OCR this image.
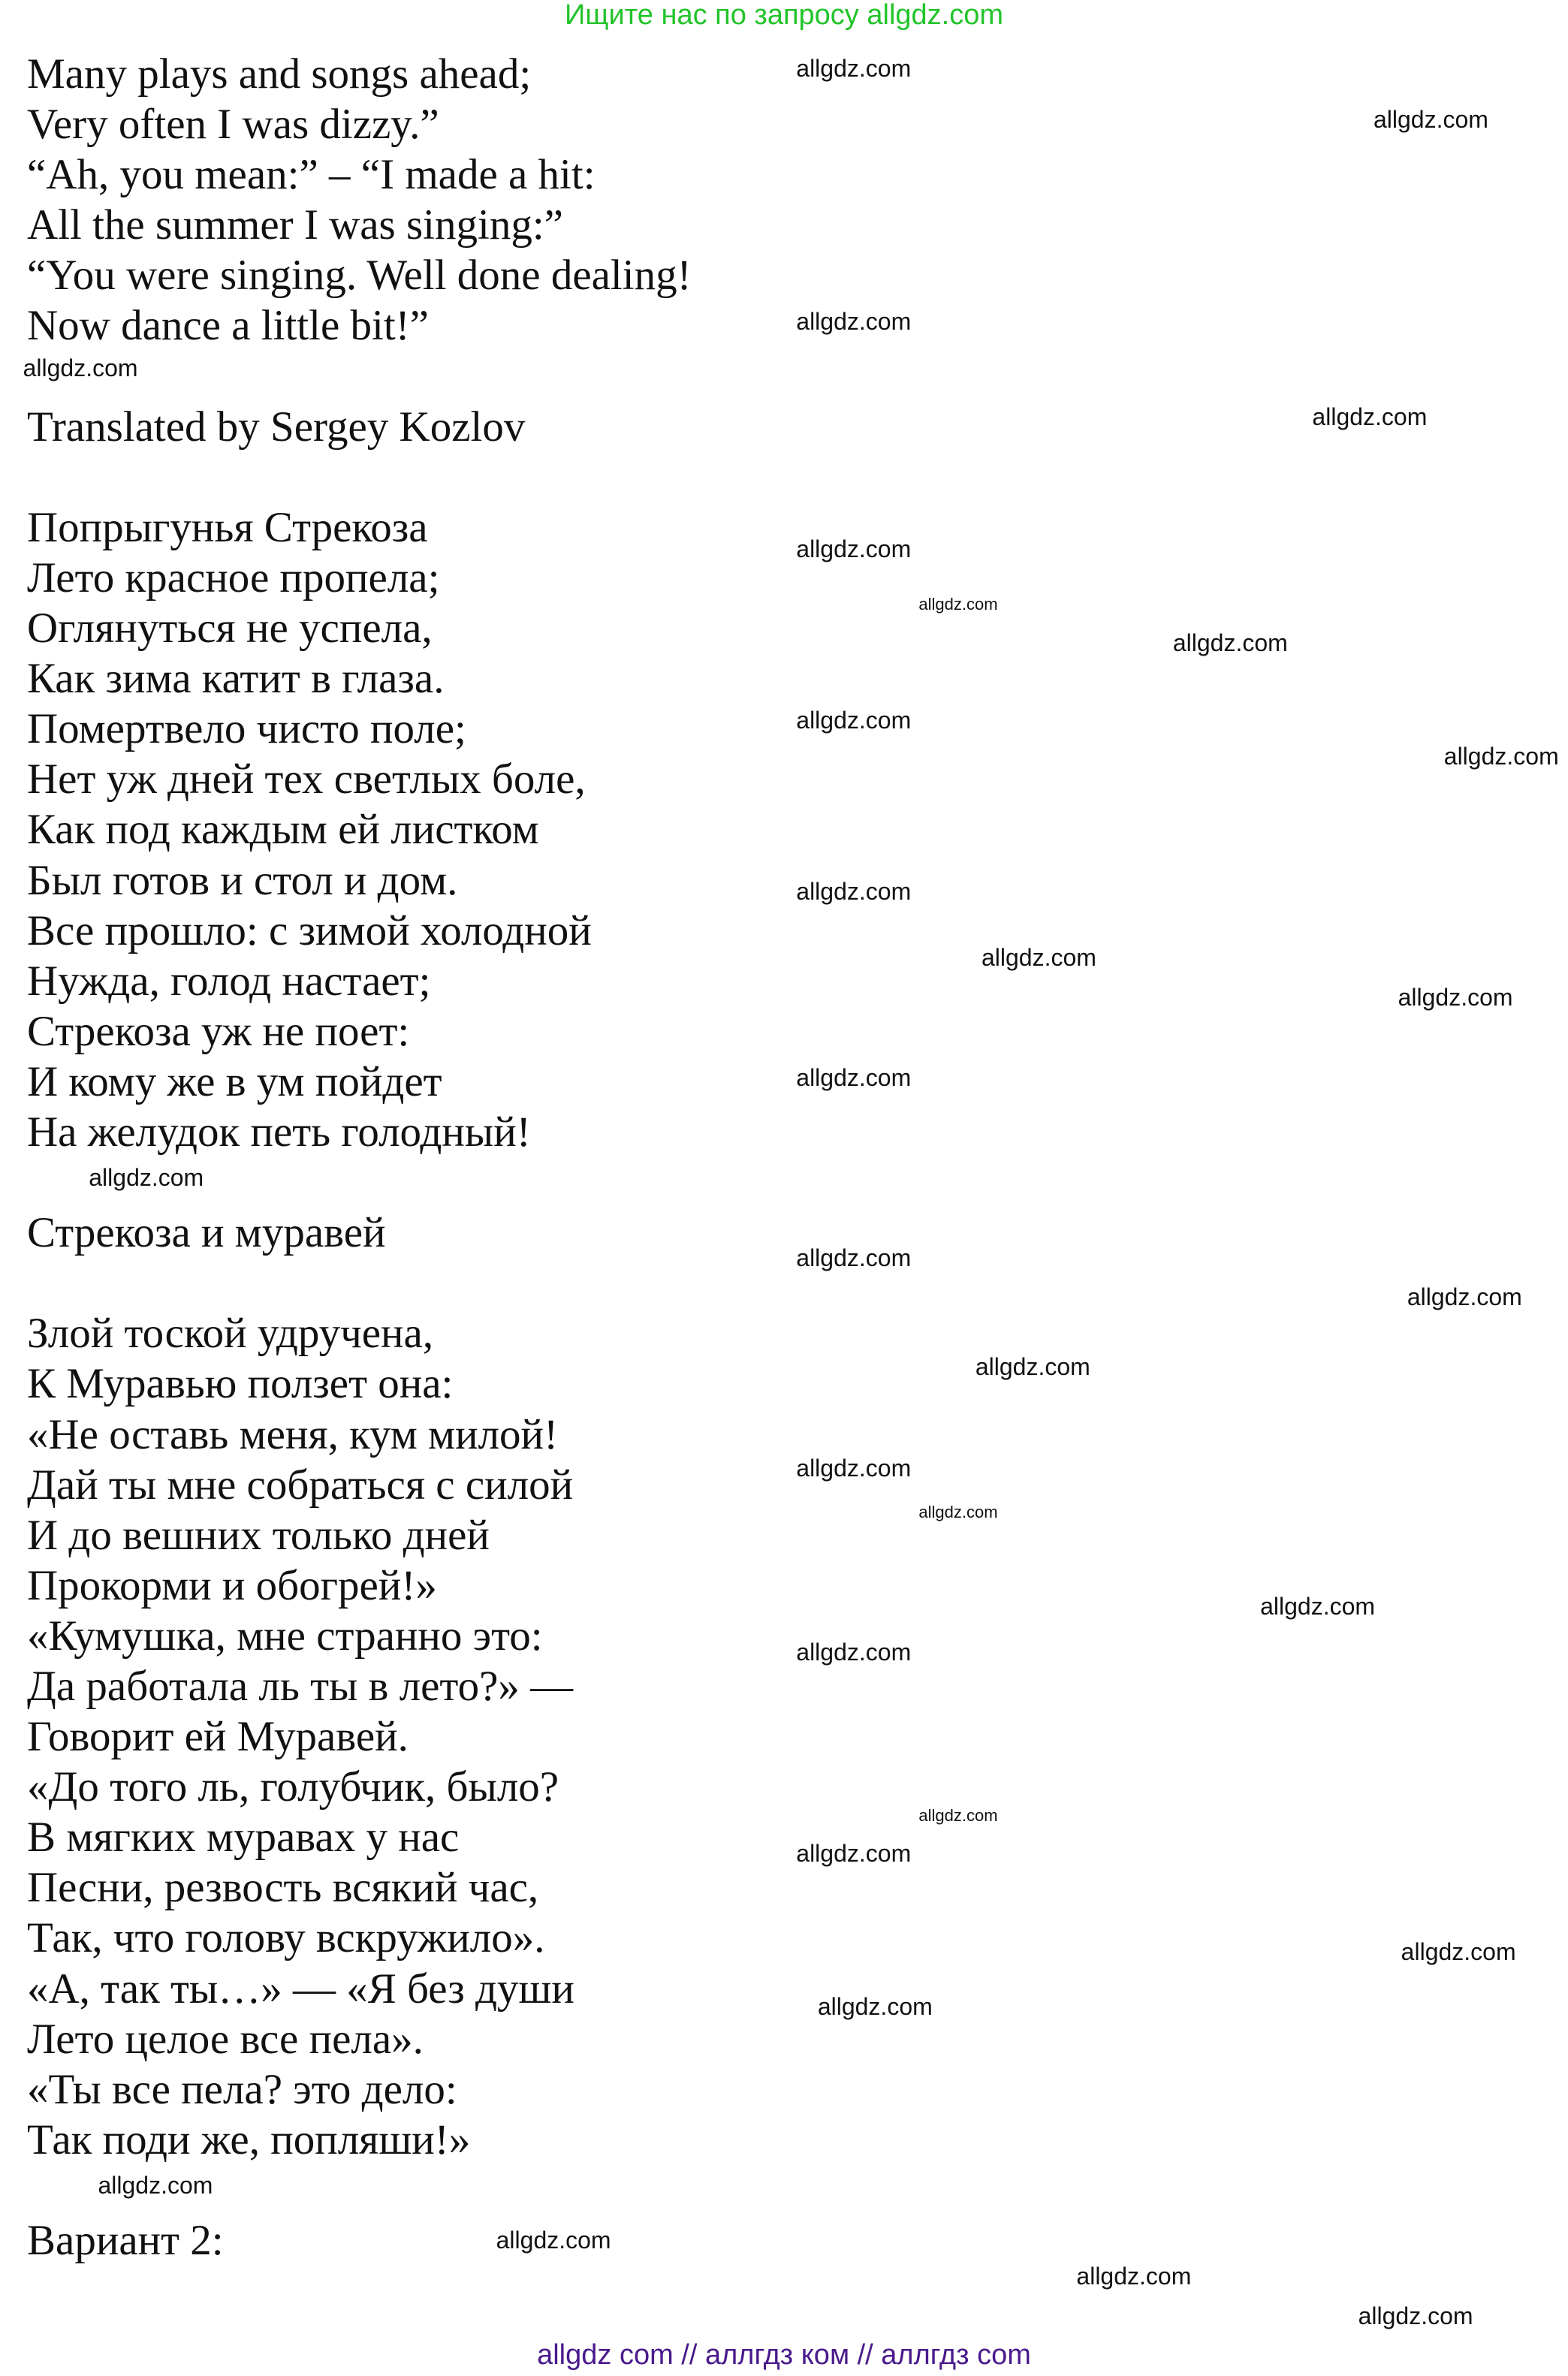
Ищите нас по запросу allgdz.com
Many plays and songs ahead;
Very often I was dizzy.”
“Ah, you mean:” – “I made a hit:
All the summer I was singing:”
“You were singing. Well done dealing!
Now dance a little bit!”
Translated by Sergey Kozlov
Попрыгунья Стрекоза
Лето красное пропела;
Оглянуться не успела,
Как зима катит в глаза.
Помертвело чисто поле;
Нет уж дней тех светлых боле,
Как под каждым ей листком
Был готов и стол и дом.
Все прошло: с зимой холодной
Нужда, голод настает;
Стрекоза уж не поет:
И кому же в ум пойдет
На желудок петь голодный!
Стрекоза и муравей
Злой тоской удручена,
К Муравью ползет она:
«Не оставь меня, кум милой!
Дай ты мне собраться с силой
И до вешних только дней
Прокорми и обогрей!»
«Кумушка, мне странно это:
Да работала ль ты в лето?» —
Говорит ей Муравей.
«До того ль, голубчик, было?
В мягких муравах у нас
Песни, резвость всякий час,
Так, что голову вскружило».
«А, так ты…» — «Я без души
Лето целое все пела».
«Ты все пела? это дело:
Так поди же, попляши!»
Вариант 2:
allgdz.com
allgdz.com
allgdz.com
allgdz.com
allgdz.com
allgdz.com
allgdz.com
allgdz.com
allgdz.com
allgdz.com
allgdz.com
allgdz.com
allgdz.com
allgdz.com
allgdz.com
allgdz.com
allgdz.com
allgdz.com
allgdz.com
allgdz.com
allgdz.com
allgdz.com
allgdz.com
allgdz.com
allgdz.com
allgdz.com
allgdz.com
allgdz.com
allgdz.com
allgdz.com
allgdz com // аллгдз ком // аллгдз com
